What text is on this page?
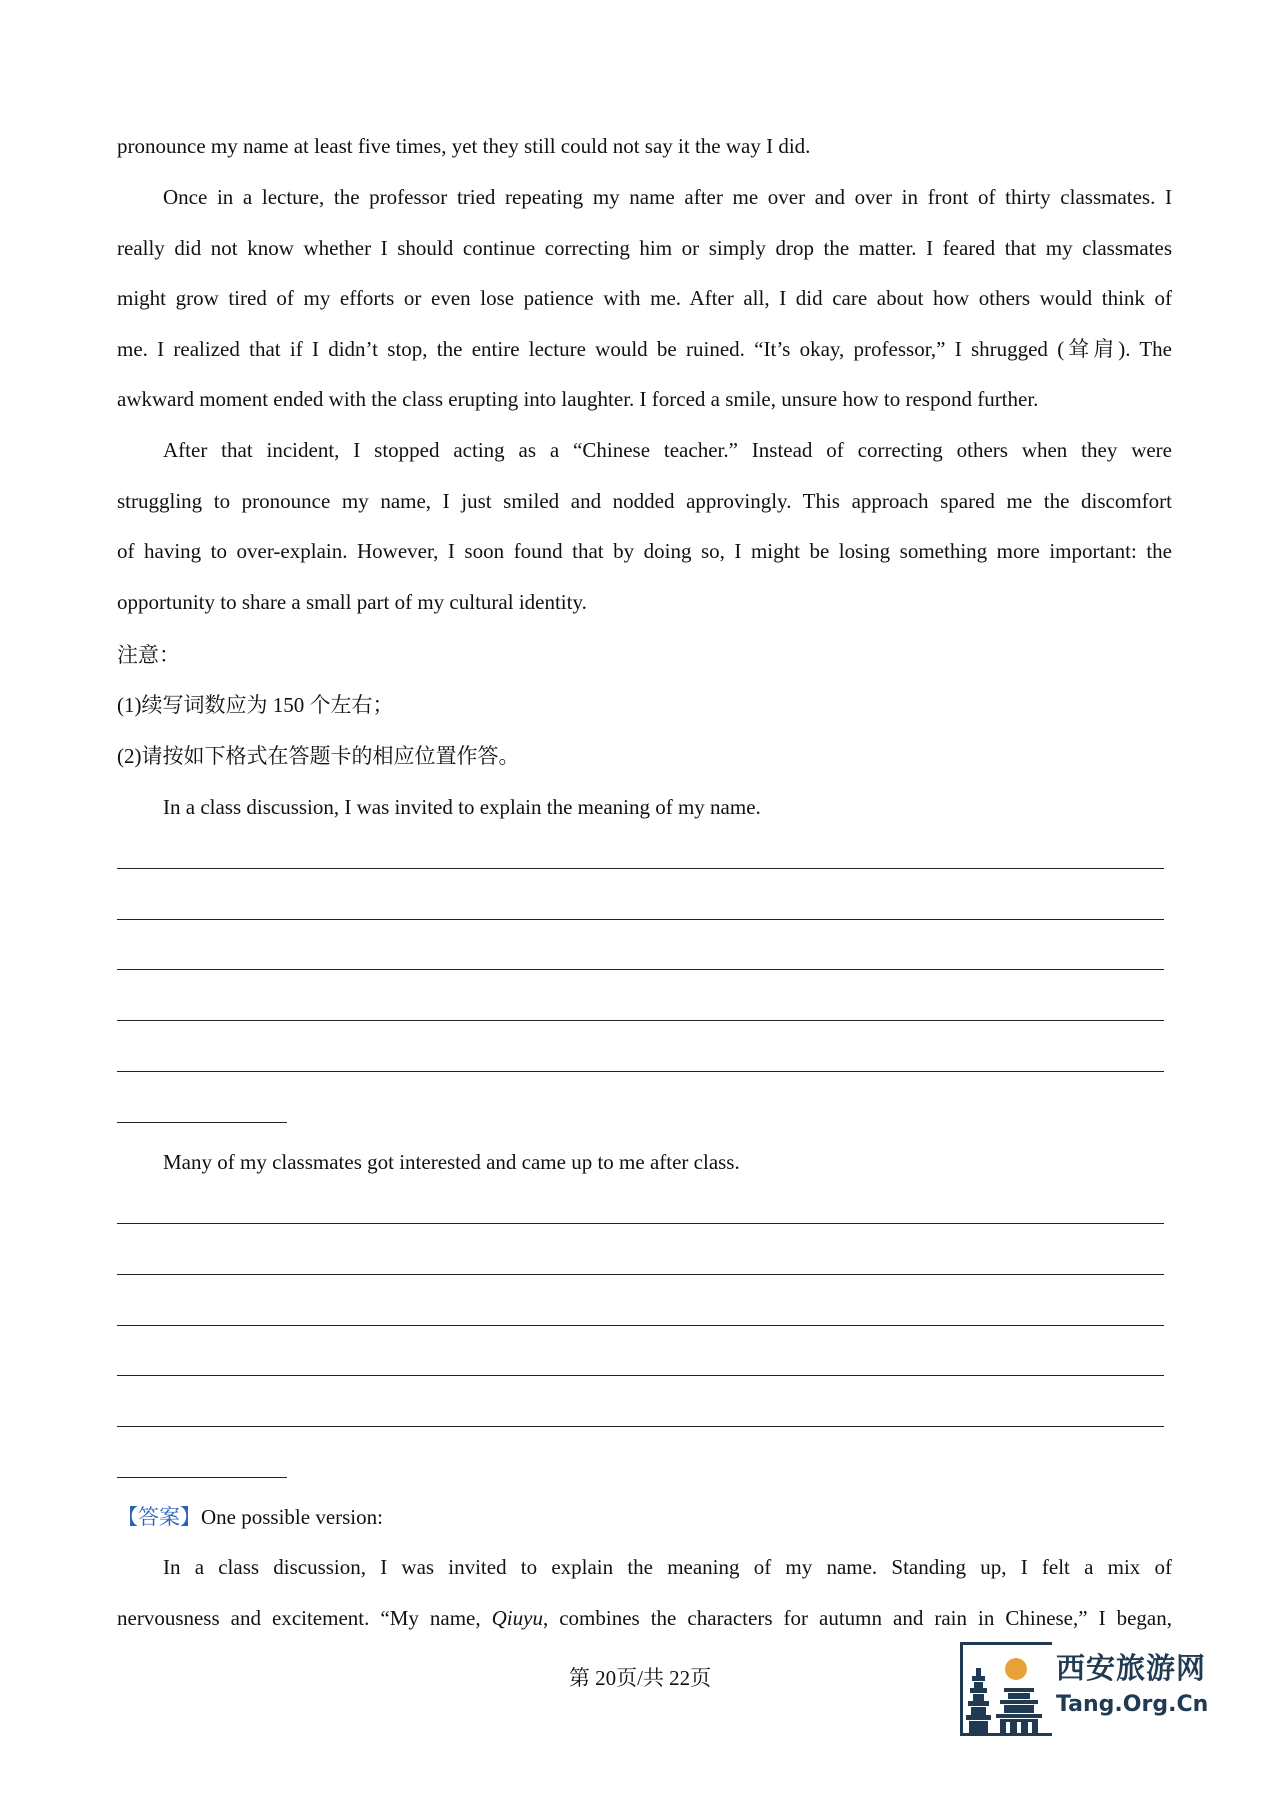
pronounce my name at least five times, yet they still could not say it the way I did.

Once in a lecture, the professor tried repeating my name after me over and over in front of thirty classmates. I
really did not know whether I should continue correcting him or simply drop the matter. I feared that my classmates
might grow tired of my efforts or even lose patience with me. After all, I did care about how others would think of
me. I realized that if I didn’t stop, the entire lecture would be ruined. “It’s okay, professor,” I shrugged (耸肩). The
awkward moment ended with the class erupting into laughter. I forced a smile, unsure how to respond further.
After that incident, I stopped acting as a “Chinese teacher.” Instead of correcting others when they were
struggling to pronounce my name, I just smiled and nodded approvingly. This approach spared me the discomfort
of having to over-explain. However, I soon found that by doing so, I might be losing something more important: the
opportunity to share a small part of my cultural identity.

注意：

(1)续写词数应为 150 个左右；

(2)请按如下格式在答题卡的相应位置作答。

In a class discussion, I was invited to explain the meaning of my name.

Many of my classmates got interested and came up to me after class.

【答案】One possible version:

In a class discussion, I was invited to explain the meaning of my name. Standing up, I felt a mix of
nervousness and excitement. “My name, Qiuyu, combines the characters for autumn and rain in Chinese,” I began,
第 20页/共 22页	西安旅游网
Tang.Org.Cn
